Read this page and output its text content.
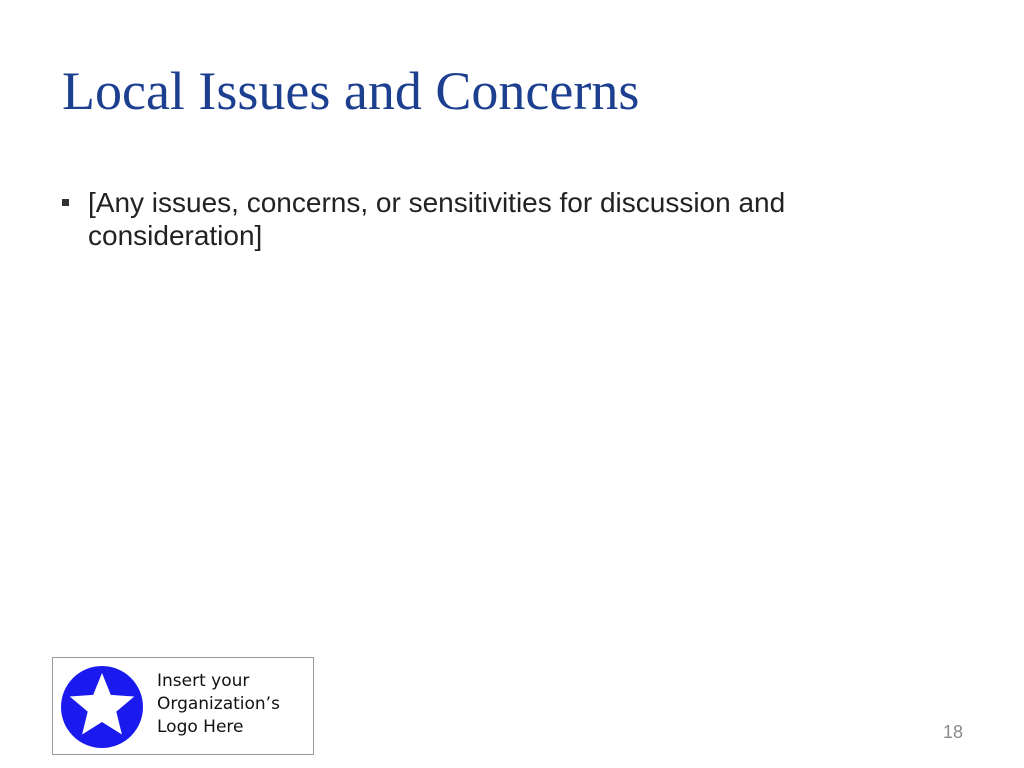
Local Issues and Concerns
[Any issues, concerns, or sensitivities for discussion and
consideration]
Insert your
Organization’s
Logo Here	18
